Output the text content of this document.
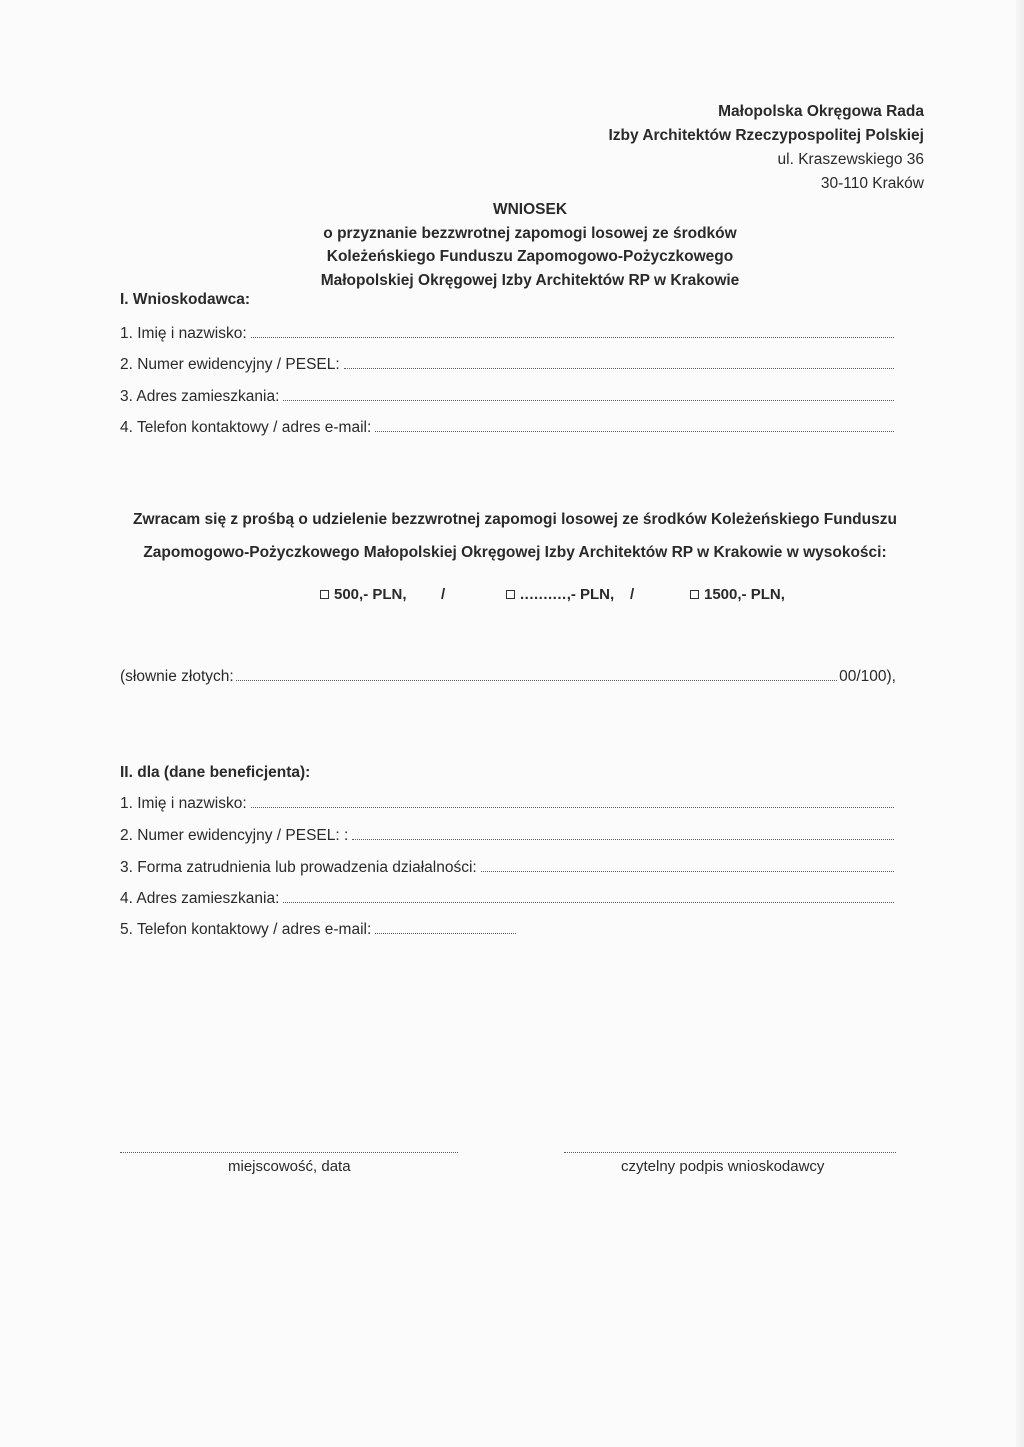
Małopolska Okręgowa Rada
Izby Architektów Rzeczypospolitej Polskiej
ul. Kraszewskiego 36
30-110 Kraków
WNIOSEK
o przyznanie bezzwrotnej zapomogi losowej ze środków
Koleżeńskiego Funduszu Zapomogowo-Pożyczkowego
Małopolskiej Okręgowej Izby Architektów RP w Krakowie
I. Wnioskodawca:
1. Imię i nazwisko:
2. Numer ewidencyjny / PESEL:
3. Adres zamieszkania:
4. Telefon kontaktowy / adres e-mail:
Zwracam się z prośbą o udzielenie bezzwrotnej zapomogi losowej ze środków Koleżeńskiego Funduszu
Zapomogowo-Pożyczkowego Małopolskiej Okręgowej Izby Architektów RP w Krakowie w wysokości:
500,- PLN, /	.......... ,- PLN, /	1500,- PLN,
(słownie złotych:	00/100),
II. dla (dane beneficjenta):
1. Imię i nazwisko:
2. Numer ewidencyjny / PESEL: :
3. Forma zatrudnienia lub prowadzenia działalności:
4. Adres zamieszkania:
5. Telefon kontaktowy / adres e-mail:
miejscowość, data	czytelny podpis wnioskodawcy
